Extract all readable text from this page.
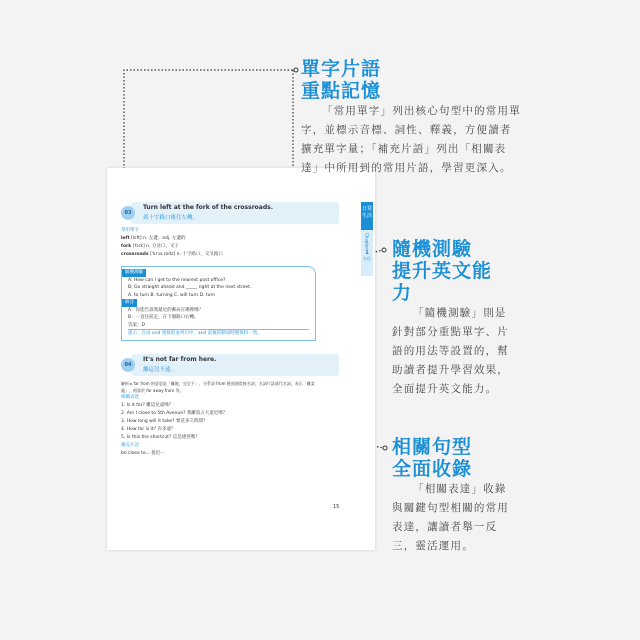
日常生活
Chapter
1
方位
03
Turn left at the fork of the crossroads.
到十字路口後往左轉。
常用單字
left [lɛft] n. 左邊；adj. 左邊的
fork [fɔrk] n. 分岔口，叉子
crossroads [ˈkrɔs,rodz] n. 十字路口，交叉路口
隨機測驗
A: How can I get to the nearest post office?
B: Go straight ahead and _____ right at the next street.
A. to turn B. turning C. will turn D. turn
解答
A：你能告訴我最近的郵局在哪裡嗎？
B：一直往前走，在下個路口右轉。
答案：D
提示：在由 and 連接的並列句中，and 前後的動詞時態保持一致。
04
It's not far from here.
離這兒不遠。
解析 ▸ far from 的意思是「離她，完全不」，介系詞 from 後面通常接名詞，名詞片語或代名詞，表示「離某處」，相當於 far away from 等。
相關表達
1. Is it far? 離這兒遠嗎？
2. Am I close to 5th Avenue? 我離第五大道近嗎？
3. How long will it take? 要花多久時間？
4. How far is it? 有多遠？
5. Is this the shortcut? 這是捷徑嗎？
補充片語
be close to... 接近⋯
15
單字片語
重點記憶
「常用單字」列出核心句型中的常用單字，並標示音標、詞性、釋義，方便讀者擴充單字量；「補充片語」列出「相關表達」中所用到的常用片語，學習更深入。
隨機測驗
提升英文能力
「隨機測驗」則是針對部分重點單字、片語的用法等設置的，幫助讀者提升學習效果，全面提升英文能力。
相關句型
全面收錄
「相關表達」收錄與關鍵句型相關的常用表達，讓讀者舉一反三，靈活運用。
